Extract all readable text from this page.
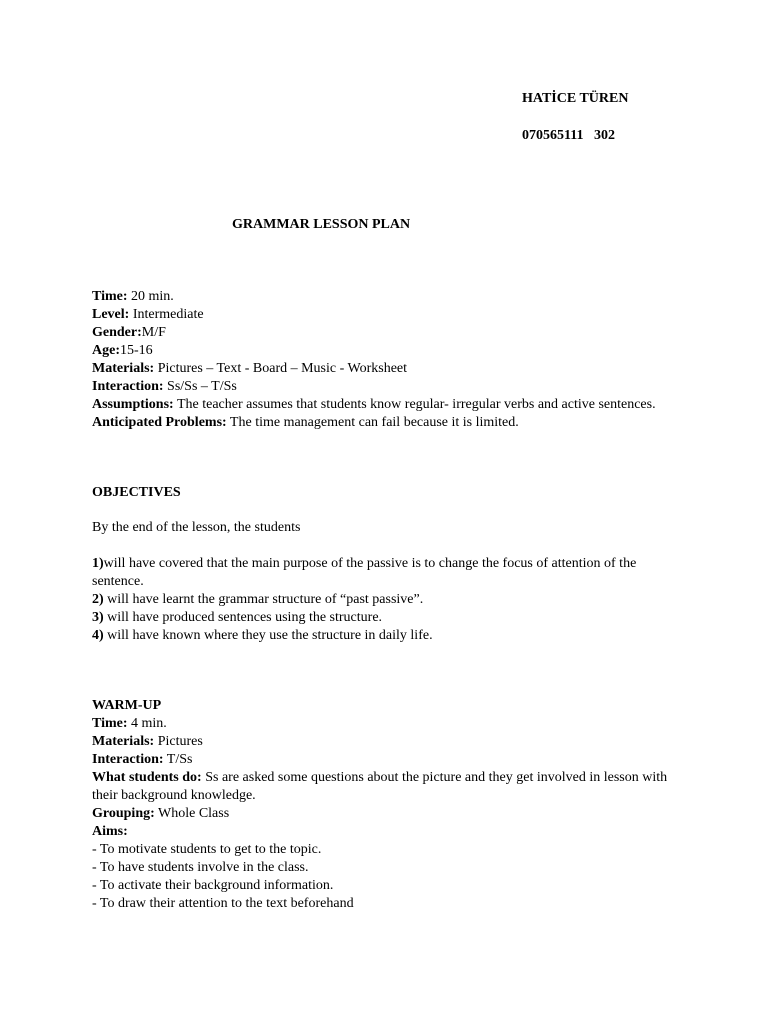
HATİCE TÜREN
070565111   302
GRAMMAR LESSON PLAN
Time: 20 min.
Level: Intermediate
Gender:M/F
Age:15-16
Materials: Pictures – Text - Board – Music - Worksheet
Interaction: Ss/Ss – T/Ss
Assumptions: The teacher assumes that students know regular- irregular verbs and active sentences.
Anticipated Problems: The time management can fail because it is limited.
OBJECTIVES
By the end of the lesson, the students
1)will have covered that the main purpose of the passive is to change the focus of attention of the sentence.
2) will have learnt the grammar structure of “past passive”.
3) will have produced sentences using the structure.
4) will have known where they use the structure in daily life.
WARM-UP
Time: 4 min.
Materials: Pictures
Interaction: T/Ss
What students do: Ss are asked some questions about the picture and they get involved in lesson with their background knowledge.
Grouping: Whole Class
Aims:
- To motivate students to get to the topic.
- To have students involve in the class.
- To activate their background information.
- To draw their attention to the text beforehand
